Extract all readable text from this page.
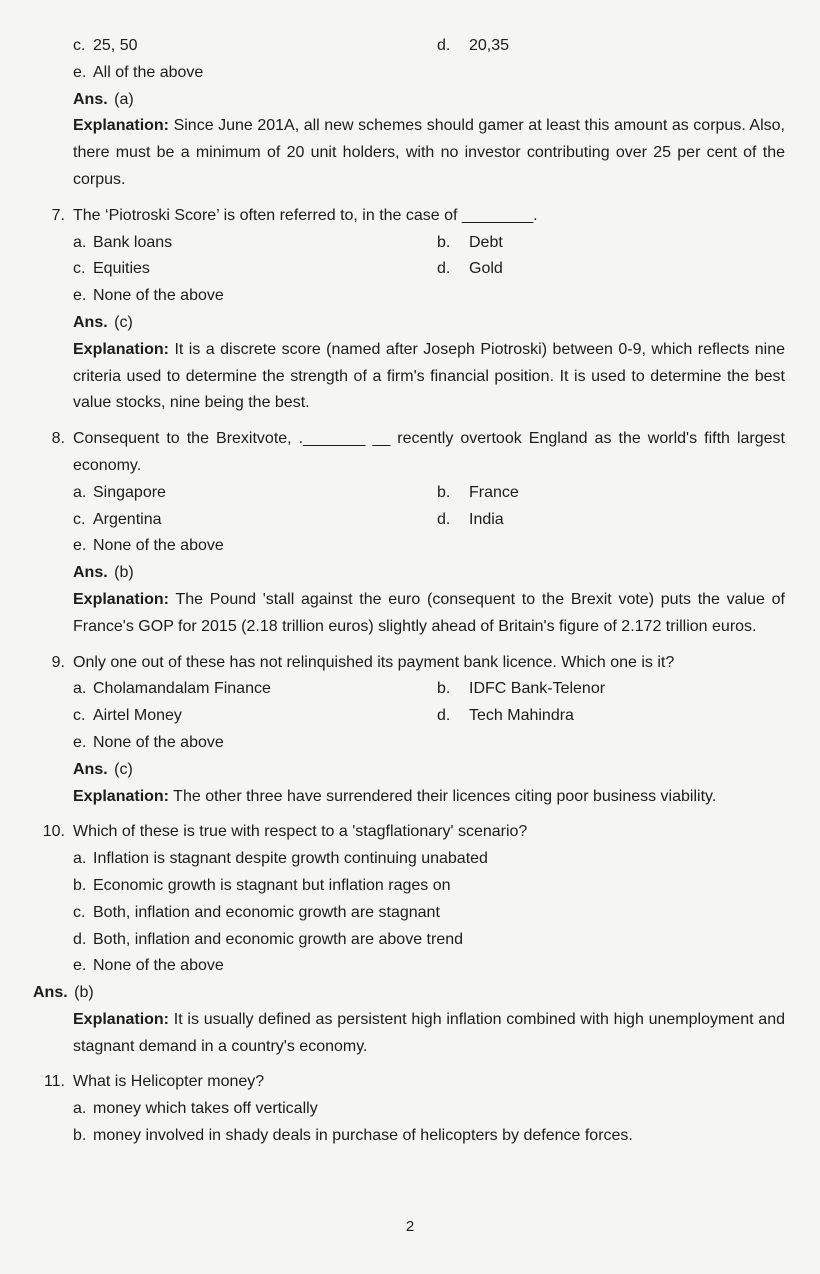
c. 25, 50	d.	20,35
e. All of the above
Ans. (a)
Explanation: Since June 201A, all new schemes should gamer at least this amount as corpus. Also, there must be a minimum of 20 unit holders, with no investor contributing over 25 per cent of the corpus.
7. The ‘Piotroski Score’ is often referred to, in the case of ________.
a. Bank loans	b.	Debt
c. Equities	d.	Gold
e. None of the above
Ans. (c)
Explanation: It is a discrete score (named after Joseph Piotroski) between 0-9, which reflects nine criteria used to determine the strength of a firm's financial position. It is used to determine the best value stocks, nine being the best.
8. Consequent to the Brexitvote, ._______ __ recently overtook England as the world's fifth largest economy.
a. Singapore	b.	France
c. Argentina	d.	India
e. None of the above
Ans. (b)
Explanation: The Pound 'stall against the euro (consequent to the Brexit vote) puts the value of France's GOP for 2015 (2.18 trillion euros) slightly ahead of Britain's figure of 2.172 trillion euros.
9. Only one out of these has not relinquished its payment bank licence. Which one is it?
a. Cholamandalam Finance	b.	IDFC Bank-Telenor
c. Airtel Money	d.	Tech Mahindra
e. None of the above
Ans. (c)
Explanation: The other three have surrendered their licences citing poor business viability.
10. Which of these is true with respect to a 'stagflationary' scenario?
a. Inflation is stagnant despite growth continuing unabated
b. Economic growth is stagnant but inflation rages on
c. Both, inflation and economic growth are stagnant
d. Both, inflation and economic growth are above trend
e. None of the above
Ans. (b)
Explanation: It is usually defined as persistent high inflation combined with high unemployment and stagnant demand in a country's economy.
11. What is Helicopter money?
a. money which takes off vertically
b. money involved in shady deals in purchase of helicopters by defence forces.
2
